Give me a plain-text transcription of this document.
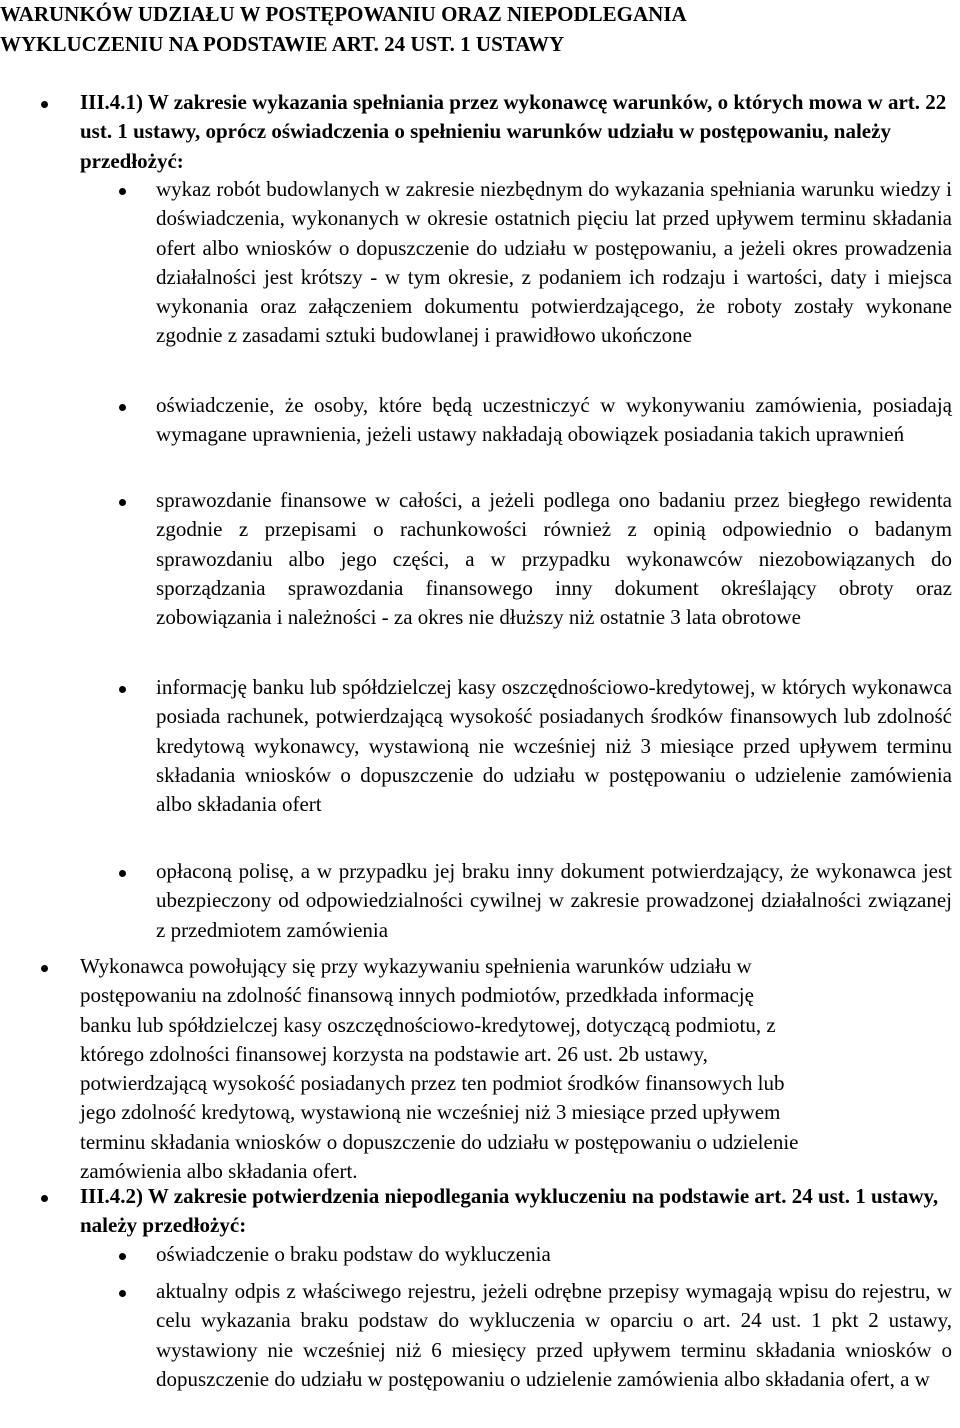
WARUNKÓW UDZIAŁU W POSTĘPOWANIU ORAZ NIEPODLEGANIA
WYKLUCZENIU NA PODSTAWIE ART. 24 UST. 1 USTAWY
III.4.1) W zakresie wykazania spełniania przez wykonawcę warunków, o których mowa w art. 22 ust. 1 ustawy, oprócz oświadczenia o spełnieniu warunków udziału w postępowaniu, należy przedłożyć:
wykaz robót budowlanych w zakresie niezbędnym do wykazania spełniania warunku wiedzy i doświadczenia, wykonanych w okresie ostatnich pięciu lat przed upływem terminu składania ofert albo wniosków o dopuszczenie do udziału w postępowaniu, a jeżeli okres prowadzenia działalności jest krótszy - w tym okresie, z podaniem ich rodzaju i wartości, daty i miejsca wykonania oraz załączeniem dokumentu potwierdzającego, że roboty zostały wykonane zgodnie z zasadami sztuki budowlanej i prawidłowo ukończone
oświadczenie, że osoby, które będą uczestniczyć w wykonywaniu zamówienia, posiadają wymagane uprawnienia, jeżeli ustawy nakładają obowiązek posiadania takich uprawnień
sprawozdanie finansowe w całości, a jeżeli podlega ono badaniu przez biegłego rewidenta zgodnie z przepisami o rachunkowości również z opinią odpowiednio o badanym sprawozdaniu albo jego części, a w przypadku wykonawców niezobowiązanych do sporządzania sprawozdania finansowego inny dokument określający obroty oraz zobowiązania i należności - za okres nie dłuższy niż ostatnie 3 lata obrotowe
informację banku lub spółdzielczej kasy oszczędnościowo-kredytowej, w których wykonawca posiada rachunek, potwierdzającą wysokość posiadanych środków finansowych lub zdolność kredytową wykonawcy, wystawioną nie wcześniej niż 3 miesiące przed upływem terminu składania wniosków o dopuszczenie do udziału w postępowaniu o udzielenie zamówienia albo składania ofert
opłaconą polisę, a w przypadku jej braku inny dokument potwierdzający, że wykonawca jest ubezpieczony od odpowiedzialności cywilnej w zakresie prowadzonej działalności związanej z przedmiotem zamówienia
Wykonawca powołujący się przy wykazywaniu spełnienia warunków udziału w
postępowaniu na zdolność finansową innych podmiotów, przedkłada informację
banku lub spółdzielczej kasy oszczędnościowo-kredytowej, dotyczącą podmiotu, z
którego zdolności finansowej korzysta na podstawie art. 26 ust. 2b ustawy,
potwierdzającą wysokość posiadanych przez ten podmiot środków finansowych lub
jego zdolność kredytową, wystawioną nie wcześniej niż 3 miesiące przed upływem
terminu składania wniosków o dopuszczenie do udziału w postępowaniu o udzielenie
zamówienia albo składania ofert.
III.4.2) W zakresie potwierdzenia niepodlegania wykluczeniu na podstawie art. 24 ust. 1 ustawy, należy przedłożyć:
oświadczenie o braku podstaw do wykluczenia
aktualny odpis z właściwego rejestru, jeżeli odrębne przepisy wymagają wpisu do rejestru, w celu wykazania braku podstaw do wykluczenia w oparciu o art. 24 ust. 1 pkt 2 ustawy, wystawiony nie wcześniej niż 6 miesięcy przed upływem terminu składania wniosków o dopuszczenie do udziału w postępowaniu o udzielenie zamówienia albo składania ofert, a w
